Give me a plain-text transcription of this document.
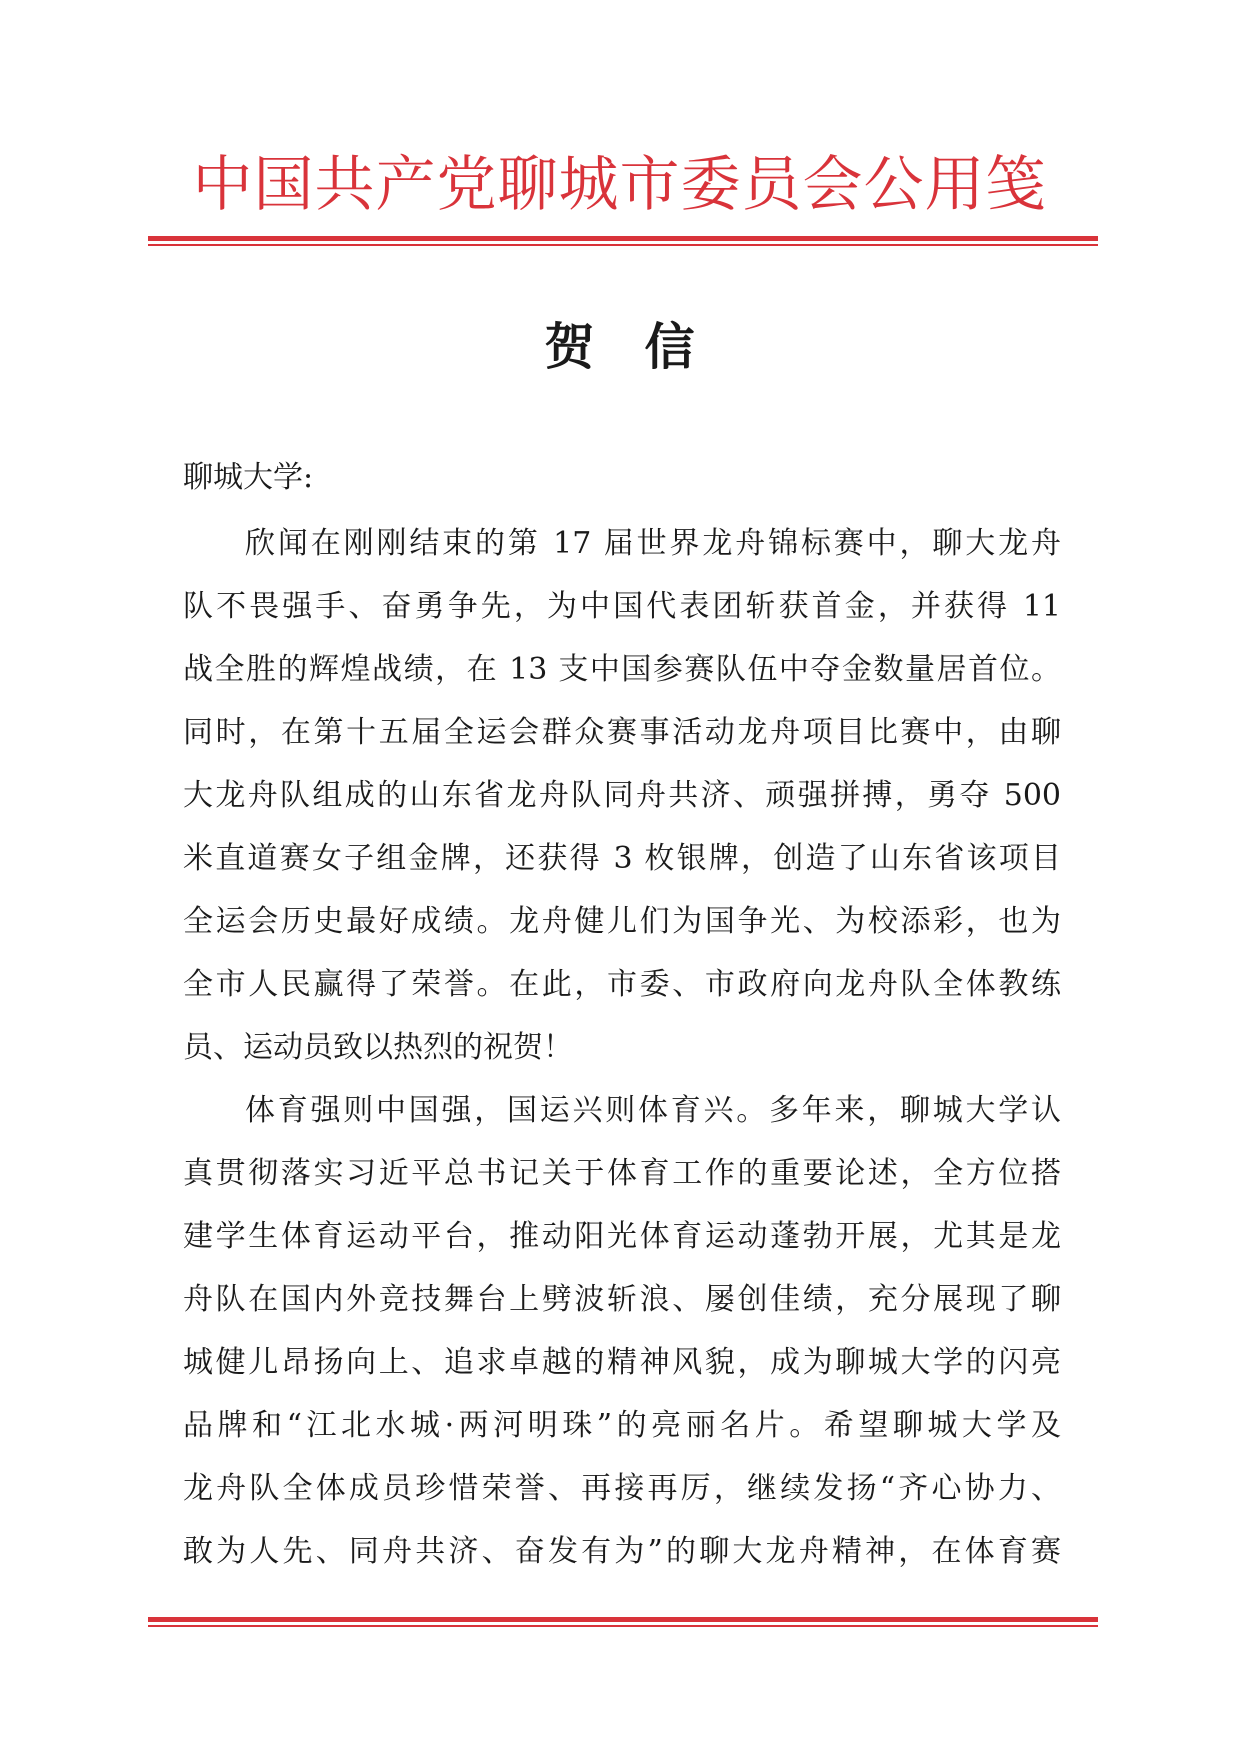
中国共产党聊城市委员会公用笺
贺 信
聊城大学:
欣闻在刚刚结束的第 17 届世界龙舟锦标赛中，聊大龙舟
队不畏强手、奋勇争先，为中国代表团斩获首金，并获得 11
战全胜的辉煌战绩，在 13 支中国参赛队伍中夺金数量居首位。
同时，在第十五届全运会群众赛事活动龙舟项目比赛中，由聊
大龙舟队组成的山东省龙舟队同舟共济、顽强拼搏，勇夺 500
米直道赛女子组金牌，还获得 3 枚银牌，创造了山东省该项目
全运会历史最好成绩。龙舟健儿们为国争光、为校添彩，也为
全市人民赢得了荣誉。在此，市委、市政府向龙舟队全体教练
员、运动员致以热烈的祝贺！
体育强则中国强，国运兴则体育兴。多年来，聊城大学认
真贯彻落实习近平总书记关于体育工作的重要论述，全方位搭
建学生体育运动平台，推动阳光体育运动蓬勃开展，尤其是龙
舟队在国内外竞技舞台上劈波斩浪、屡创佳绩，充分展现了聊
城健儿昂扬向上、追求卓越的精神风貌，成为聊城大学的闪亮
品牌和“江北水城·两河明珠”的亮丽名片。希望聊城大学及
龙舟队全体成员珍惜荣誉、再接再厉，继续发扬“齐心协力、
敢为人先、同舟共济、奋发有为”的聊大龙舟精神，在体育赛
